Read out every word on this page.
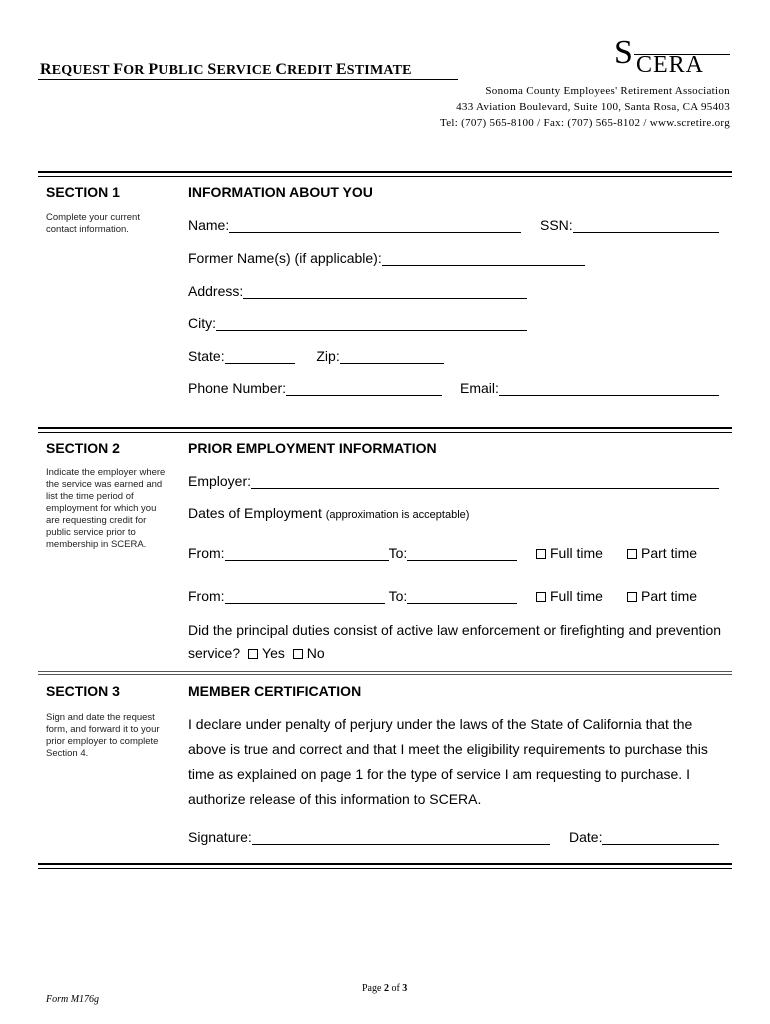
REQUEST FOR PUBLIC SERVICE CREDIT ESTIMATE	S CERA
Sonoma County Employees' Retirement Association
433 Aviation Boulevard, Suite 100, Santa Rosa, CA 95403
Tel: (707) 565-8100 / Fax: (707) 565-8102 / www.scretire.org
SECTION 1	INFORMATION ABOUT YOU
Complete your current contact information.	Name:	SSN:
Former Name(s) (if applicable):
Address:
City:
State:	Zip:
Phone Number:	Email:
SECTION 2	PRIOR EMPLOYMENT INFORMATION
Indicate the employer where the service was earned and list the time period of employment for which you are requesting credit for public service prior to membership in SCERA.
Employer:
Dates of Employment (approximation is acceptable)
From:	To:	Full time	Part time
From:	To:	Full time	Part time
Did the principal duties consist of active law enforcement or firefighting and prevention
service? Yes No
SECTION 3	MEMBER CERTIFICATION
Sign and date the request form, and forward it to your prior employer to complete Section 4.
I declare under penalty of perjury under the laws of the State of California that the
above is true and correct and that I meet the eligibility requirements to purchase this
time as explained on page 1 for the type of service I am requesting to purchase. I
authorize release of this information to SCERA.
Signature:	Date:
Page 2 of 3
Form M176g
